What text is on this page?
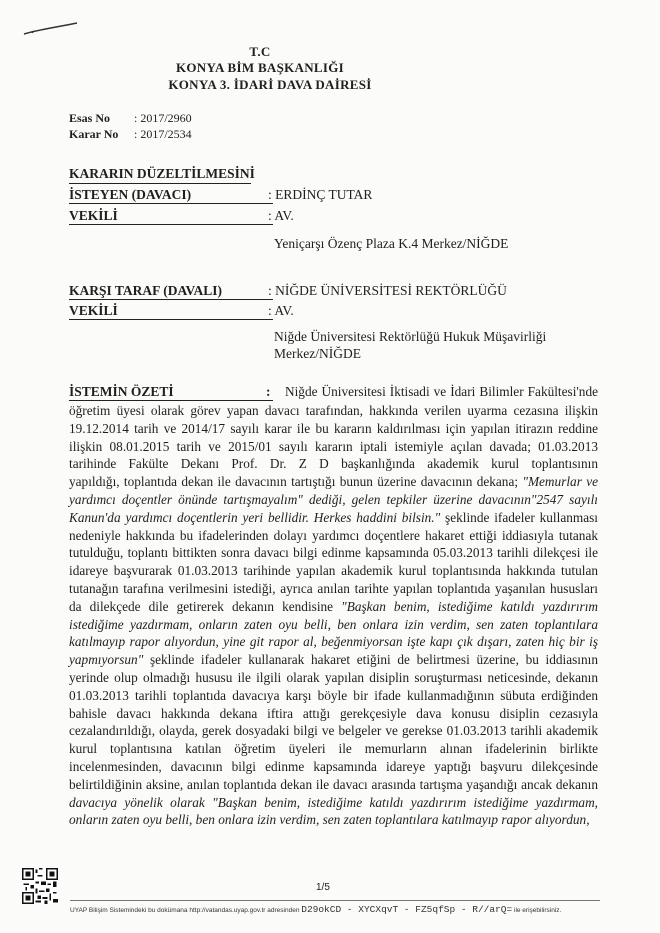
T.C
KONYA BİM BAŞKANLIĞI
KONYA 3. İDARİ DAVA DAİRESİ
Esas No : 2017/2960
Karar No : 2017/2534
KARARIN DÜZELTİLMESİNİ
İSTEYEN (DAVACI)	: ERDİNÇ TUTAR
VEKİLİ	: AV.
Yeniçarşı Özenç Plaza K.4 Merkez/NİĞDE
KARŞI TARAF (DAVALI)	: NİĞDE ÜNİVERSİTESİ REKTÖRLÜĞÜ
VEKİLİ	: AV.
Niğde Üniversitesi Rektörlüğü Hukuk Müşavirliği
Merkez/NİĞDE
İSTEMİN ÖZETİ	: Niğde Üniversitesi İktisadi ve İdari Bilimler Fakültesi'nde
öğretim üyesi olarak görev yapan davacı tarafından, hakkında verilen uyarma cezasına ilişkin
19.12.2014 tarih ve 2014/17 sayılı karar ile bu kararın kaldırılması için yapılan itirazın reddine
ilişkin 08.01.2015 tarih ve 2015/01 sayılı kararın iptali istemiyle açılan davada; 01.03.2013
tarihinde Fakülte Dekanı Prof. Dr. Z D başkanlığında akademik kurul toplantısının
yapıldığı, toplantıda dekan ile davacının tartıştığı bunun üzerine davacının dekana; "Memurlar ve
yardımcı doçentler önünde tartışmayalım" dediği, gelen tepkiler üzerine davacının"2547 sayılı
Kanun'da yardımcı doçentlerin yeri bellidir. Herkes haddini bilsin." şeklinde ifadeler kullanması
nedeniyle hakkında bu ifadelerinden dolayı yardımcı doçentlere hakaret ettiği iddiasıyla tutanak
tutulduğu, toplantı bittikten sonra davacı bilgi edinme kapsamında 05.03.2013 tarihli dilekçesi ile
idareye başvurarak 01.03.2013 tarihinde yapılan akademik kurul toplantısında hakkında tutulan
tutanağın tarafına verilmesini istediği, ayrıca anılan tarihte yapılan toplantıda yaşanılan hususları
da dilekçede dile getirerek dekanın kendisine "Başkan benim, istediğime katıldı yazdırırım
istediğime yazdırmam, onların zaten oyu belli, ben onlara izin verdim, sen zaten toplantılara
katılmayıp rapor alıyordun, yine git rapor al, beğenmiyorsan işte kapı çık dışarı, zaten hiç bir iş
yapmıyorsun" şeklinde ifadeler kullanarak hakaret etiğini de belirtmesi üzerine, bu iddiasının
yerinde olup olmadığı hususu ile ilgili olarak yapılan disiplin soruşturması neticesinde, dekanın
01.03.2013 tarihli toplantıda davacıya karşı böyle bir ifade kullanmadığının sübuta erdiğinden
bahisle davacı hakkında dekana iftira attığı gerekçesiyle dava konusu disiplin cezasıyla
cezalandırıldığı, olayda, gerek dosyadaki bilgi ve belgeler ve gerekse 01.03.2013 tarihli akademik
kurul toplantısına katılan öğretim üyeleri ile memurların alınan ifadelerinin birlikte
incelenmesinden, davacının bilgi edinme kapsamında idareye yaptığı başvuru dilekçesinde
belirtildiğinin aksine, anılan toplantıda dekan ile davacı arasında tartışma yaşandığı ancak dekanın
davacıya yönelik olarak "Başkan benim, istediğime katıldı yazdırırım istediğime yazdırmam,
onların zaten oyu belli, ben onlara izin verdim, sen zaten toplantılara katılmayıp rapor alıyordun,
1/5
UYAP Bilişim Sistemindeki bu dokümana http://vatandas.uyap.gov.tr adresinden D29okCD - XYCXqvT - FZ5qfSp - R//arQ= ile erişebilirsiniz.
